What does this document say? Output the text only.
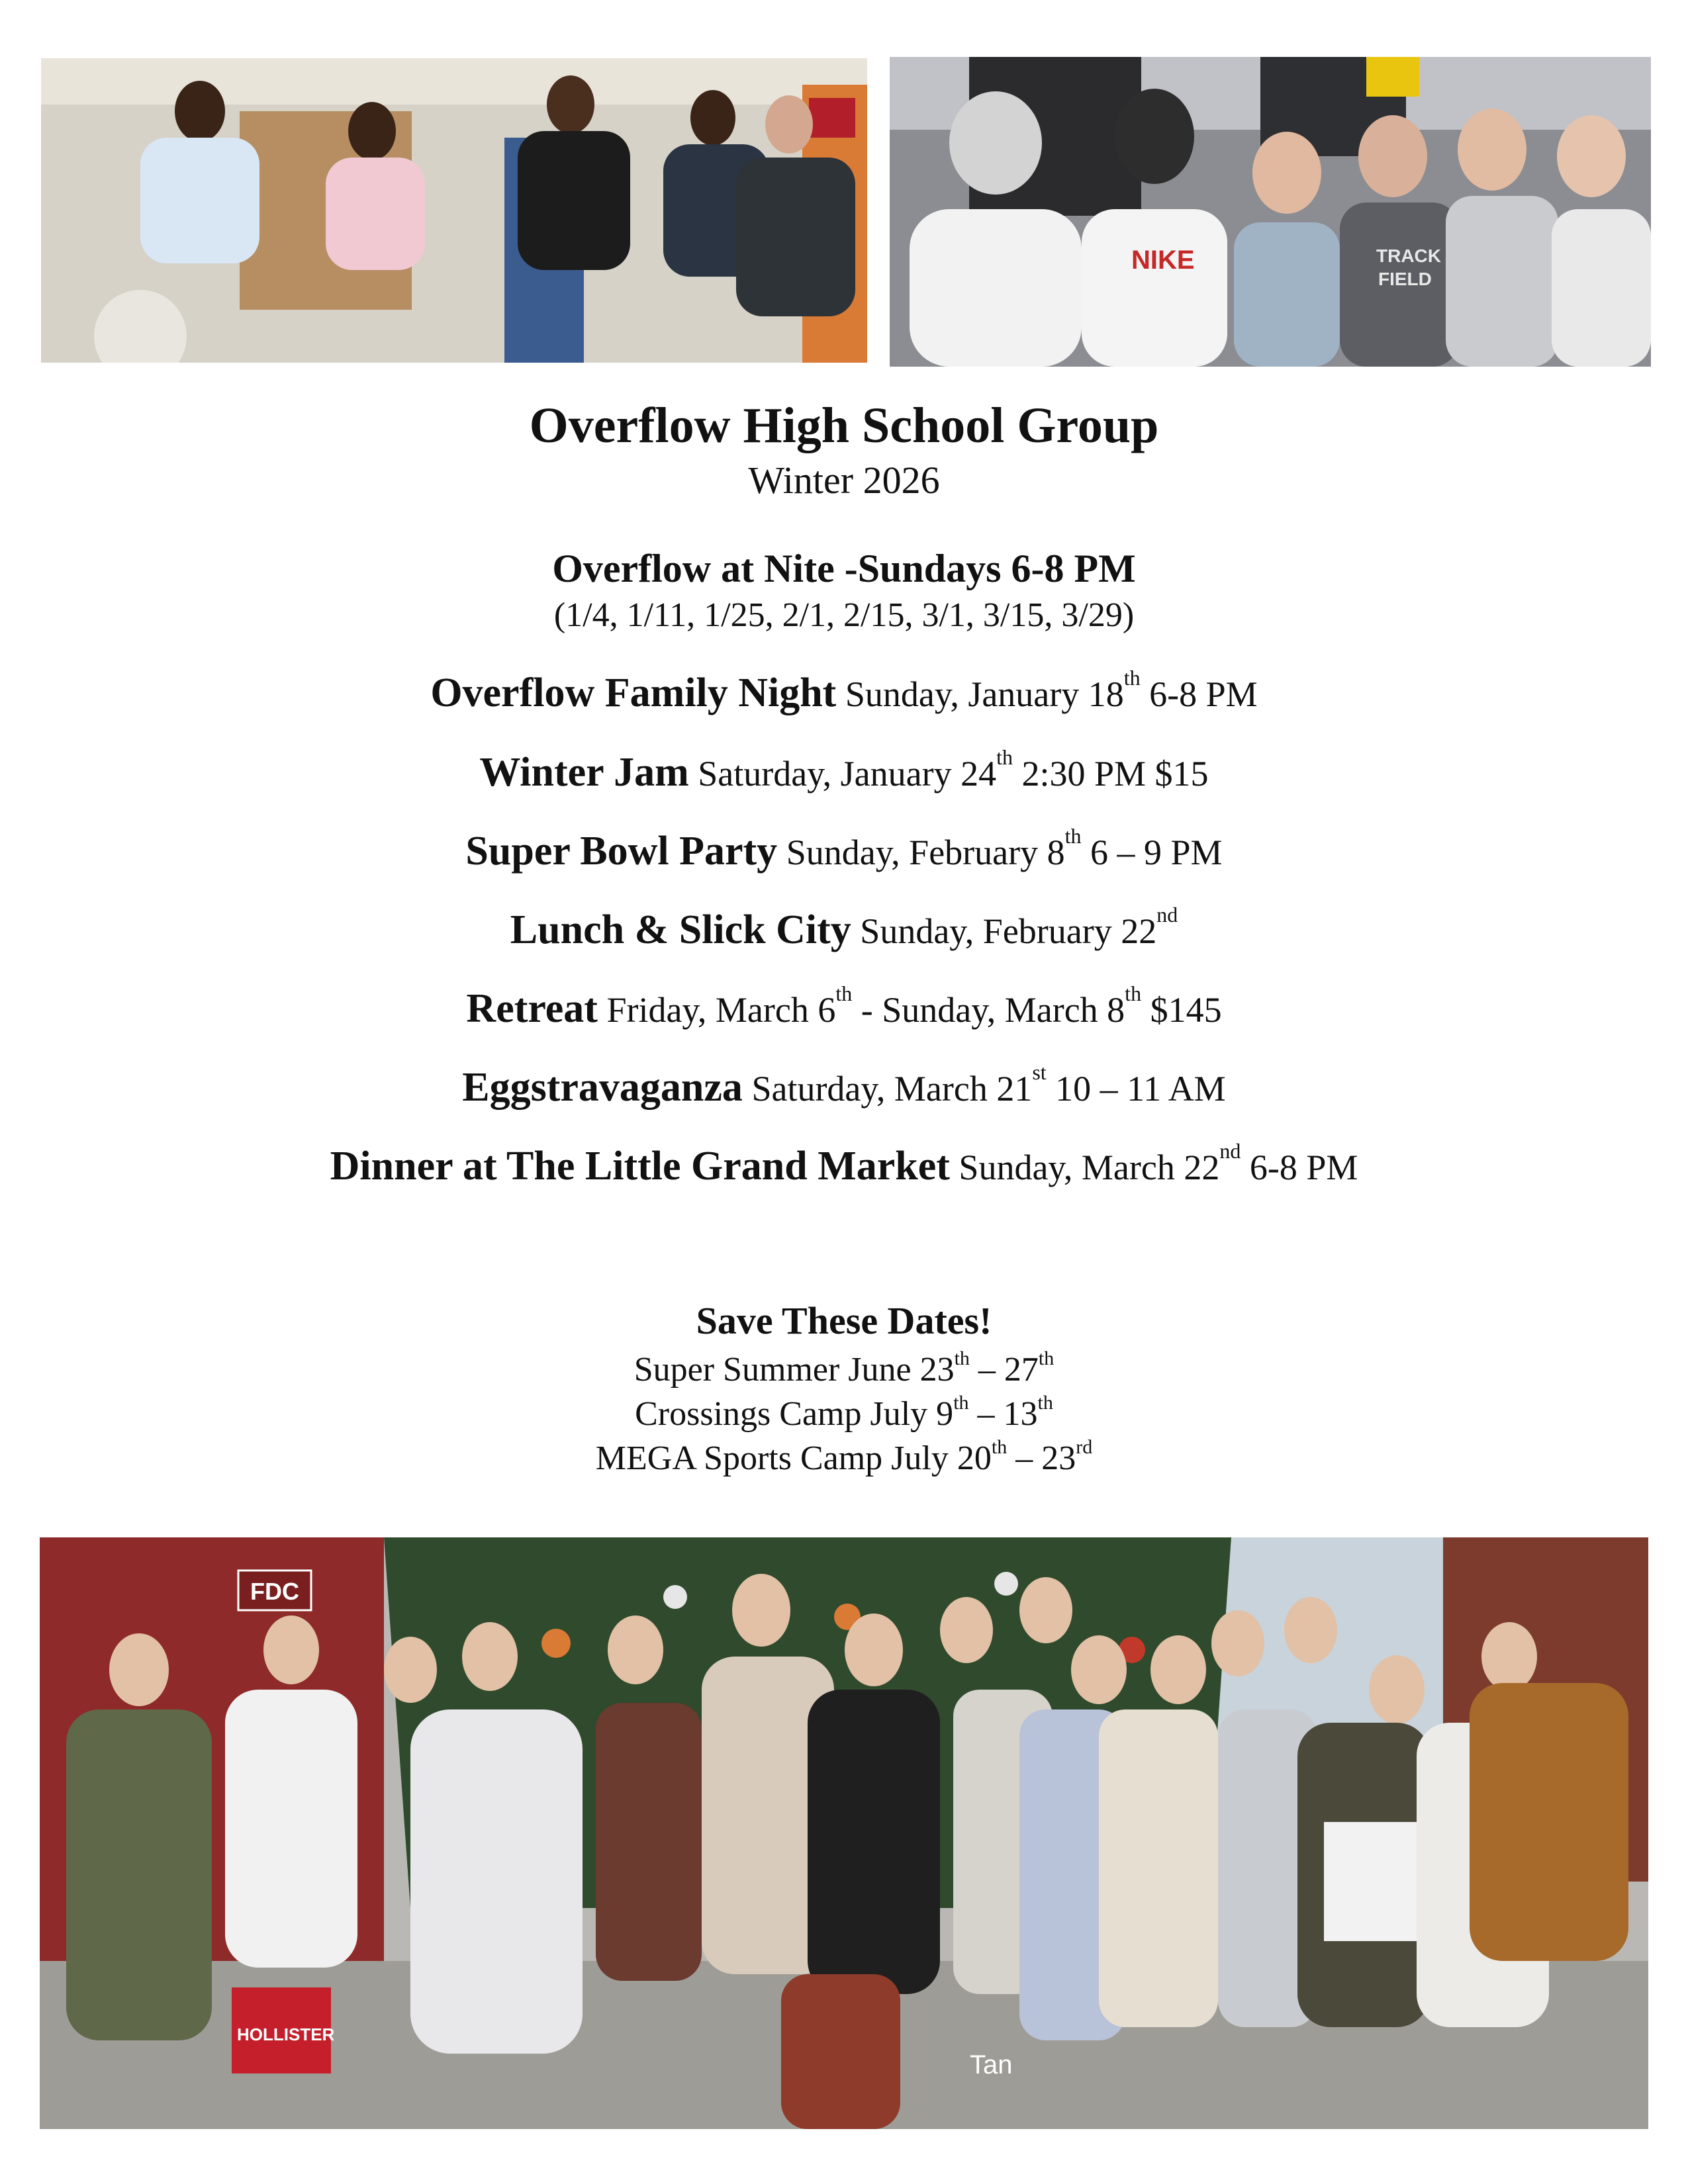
NIKE	TRACK
FIELD
Overflow High School Group
Winter 2026
Overflow at Nite -Sundays 6-8 PM
(1/4, 1/11, 1/25, 2/1, 2/15, 3/1, 3/15, 3/29)
Overflow Family Night Sunday, January 18th 6-8 PM
Winter Jam Saturday, January 24th 2:30 PM $15
Super Bowl Party Sunday, February 8th 6 – 9 PM
Lunch & Slick City Sunday, February 22nd
Retreat Friday, March 6th - Sunday, March 8th $145
Eggstravaganza Saturday, March 21st 10 – 11 AM
Dinner at The Little Grand Market Sunday, March 22nd 6-8 PM
Save These Dates!
Super Summer June 23th – 27th
Crossings Camp July 9th – 13th
MEGA Sports Camp July 20th – 23rd
FDC
HOLLISTER
Tan
